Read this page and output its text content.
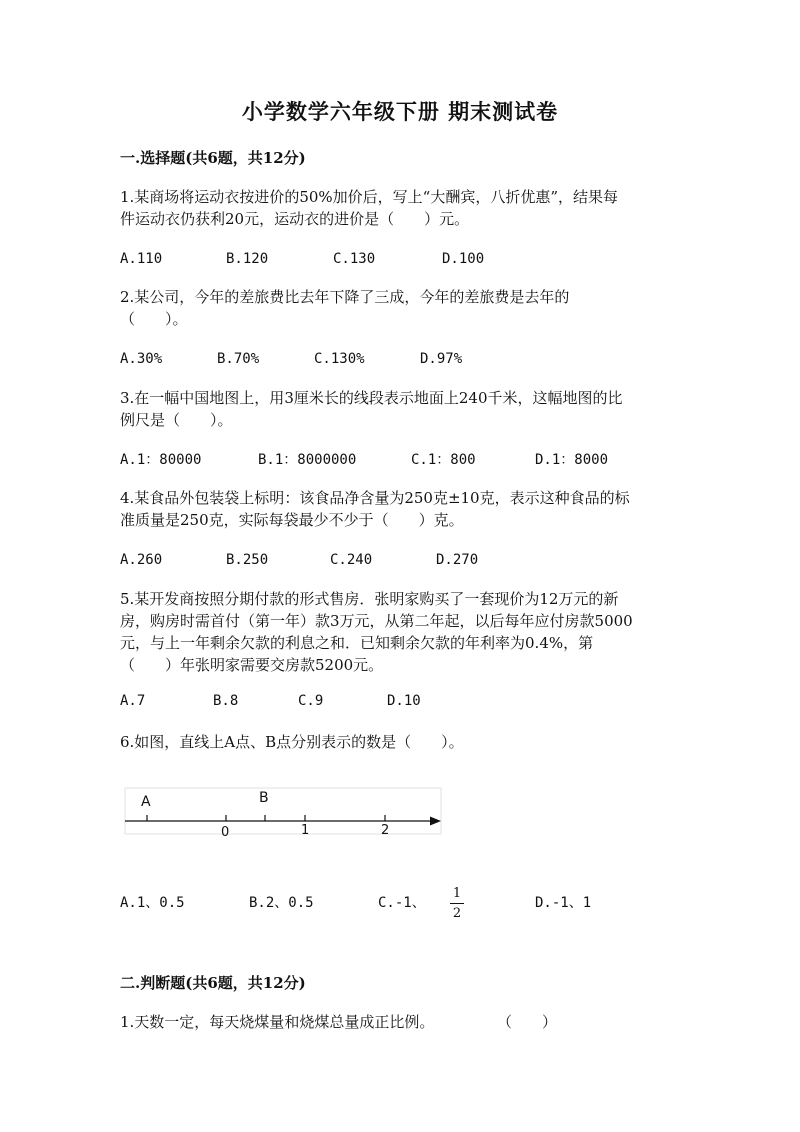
小学数学六年级下册 期末测试卷
一.选择题(共6题，共12分)
1.某商场将运动衣按进价的50%加价后，写上“大酬宾，八折优惠”，结果每
件运动衣仍获利20元，运动衣的进价是（　　）元。
A.110	B.120	C.130	D.100
2.某公司，今年的差旅费比去年下降了三成，今年的差旅费是去年的
（　　）。
A.30%	B.70%	C.130%	D.97%
3.在一幅中国地图上，用3厘米长的线段表示地面上240千米，这幅地图的比
例尺是（　　）。
A.1：80000	B.1：8000000	C.1：800	D.1：8000
4.某食品外包装袋上标明：该食品净含量为250克±10克，表示这种食品的标
准质量是250克，实际每袋最少不少于（　　）克。
A.260	B.250	C.240	D.270
5.某开发商按照分期付款的形式售房．张明家购买了一套现价为12万元的新
房，购房时需首付（第一年）款3万元，从第二年起，以后每年应付房款5000
元，与上一年剩余欠款的利息之和．已知剩余欠款的年利率为0.4%，第
（　　）年张明家需要交房款5200元。
A.7	B.8	C.9	D.10
6.如图，直线上A点、B点分别表示的数是（　　）。
A	B
0	1	2
A.1、0.5	B.2、0.5	C.-1、
1
2
D.-1、1
二.判断题(共6题，共12分)
1.天数一定，每天烧煤量和烧煤总量成正比例。	（　　）
